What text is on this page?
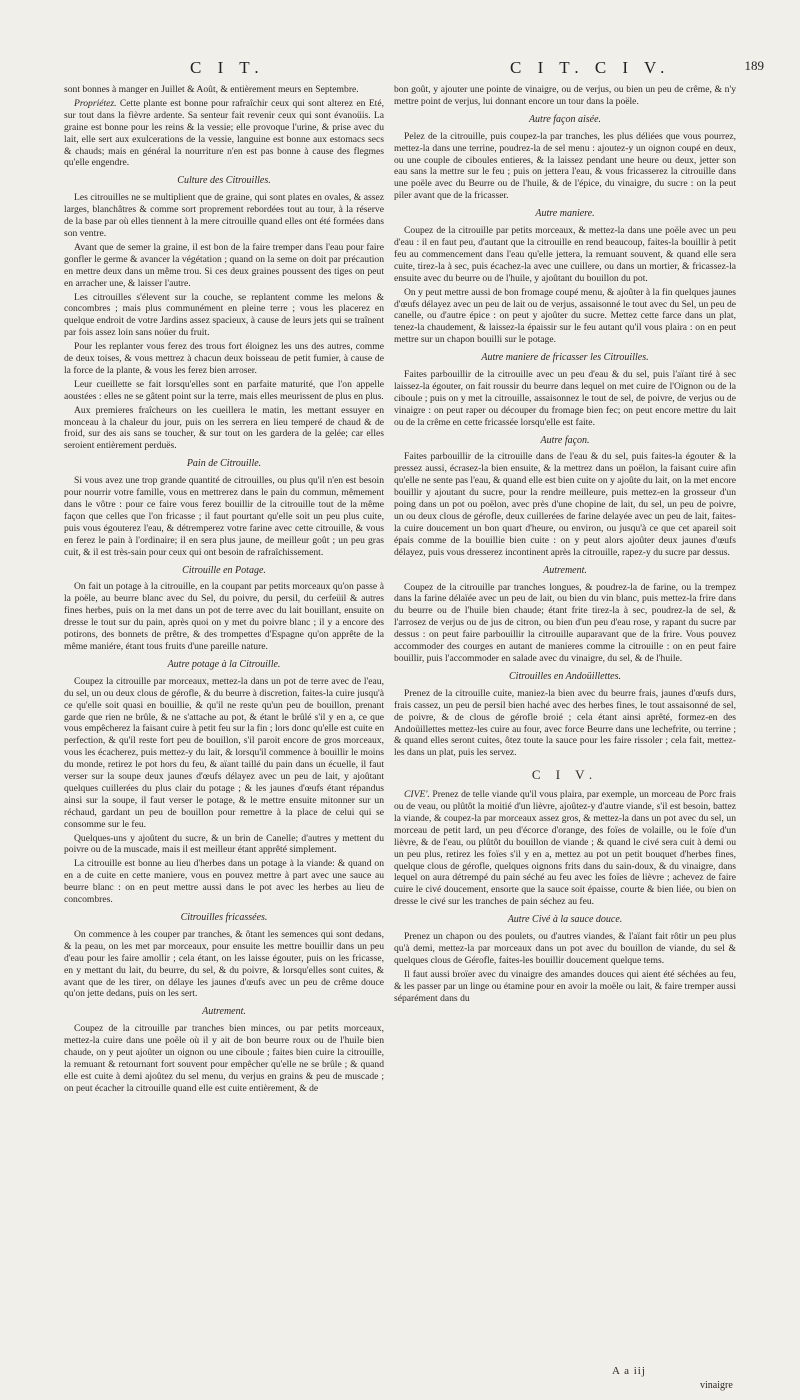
C I T.	C I T. C I V.	189

sont bonnes à manger en Juillet & Août, & entièrement meurs en Septembre.

Propriétez. Cette plante est bonne pour rafraîchir ceux qui sont alterez en Eté, sur tout dans la fièvre ardente. Sa senteur fait revenir ceux qui sont évanoüis. La graine est bonne pour les reins & la vessie; elle provoque l'urine, & prise avec du lait, elle sert aux exulcerations de la vessie, languine est bonne aux estomacs secs & chauds; mais en général la nourriture n'en est pas bonne à cause des flegmes qu'elle engendre.

Culture des Citrouilles.

Les citrouilles ne se multiplient que de graine, qui sont plates en ovales, & assez larges, blanchâtres & comme sort proprement rebordées tout au tour, à la réserve de la base par où elles tiennent à la mere citrouille quand elles ont été formées dans son ventre.

Avant que de semer la graine, il est bon de la faire tremper dans l'eau pour faire gonfler le germe & avancer la végétation ; quand on la seme on doit par précaution en mettre deux dans un même trou. Si ces deux graines poussent des tiges on peut en arracher une, & laisser l'autre.

Les citrouilles s'élevent sur la couche, se replantent comme les melons & concombres ; mais plus communément en pleine terre ; vous les placerez en quelque endroit de votre Jardins assez spacieux, à cause de leurs jets qui se traînent par fois assez loin sans noüer du fruit.

Pour les replanter vous ferez des trous fort éloignez les uns des autres, comme de deux toises, & vous mettrez à chacun deux boisseau de petit fumier, à cause de la force de la plante, & vous les ferez bien arroser.

Leur cueillette se fait lorsqu'elles sont en parfaite maturité, que l'on appelle aoustées : elles ne se gâtent point sur la terre, mais elles meurissent de plus en plus.

Aux premieres fraîcheurs on les cueillera le matin, les mettant essuyer en monceau à la chaleur du jour, puis on les serrera en lieu temperé de chaud & de froid, sur des ais sans se toucher, & sur tout on les gardera de la gelée; car elles seroient entièrement perduës.

Pain de Citrouille.

Si vous avez une trop grande quantité de citrouilles, ou plus qu'il n'en est besoin pour nourrir votre famille, vous en mettrerez dans le pain du commun, mêmement dans le vôtre : pour ce faire vous ferez bouillir de la citrouille tout de la même façon que celles que l'on fricasse ; il faut pourtant qu'elle soit un peu plus cuite, puis vous égouterez l'eau, & détremperez votre farine avec cette citrouille, & vous en ferez le pain à l'ordinaire; il en sera plus jaune, de meilleur goût ; un peu gras cuit, & il est très-sain pour ceux qui ont besoin de rafraîchissement.

Citrouille en Potage.

On fait un potage à la citrouille, en la coupant par petits morceaux qu'on passe à la poële, au beurre blanc avec du Sel, du poivre, du persil, du cerfeüil & autres fines herbes, puis on la met dans un pot de terre avec du lait bouillant, ensuite on dresse le tout sur du pain, après quoi on y met du poivre blanc ; il y a encore des potirons, des bonnets de prêtre, & des trompettes d'Espagne qu'on apprête de la même maniére, étant tous fruits d'une pareille nature.

Autre potage à la Citrouille.

Coupez la citrouille par morceaux, mettez-la dans un pot de terre avec de l'eau, du sel, un ou deux clous de gérofle, & du beurre à discretion, faites-la cuire jusqu'à ce qu'elle soit quasi en bouillie, & qu'il ne reste qu'un peu de bouillon, prenant garde que rien ne brûle, & ne s'attache au pot, & étant le brûlé s'il y en a, ce que vous empêcherez la faisant cuire à petit feu sur la fin ; lors donc qu'elle est cuite en perfection, & qu'il reste fort peu de bouillon, s'il paroit encore de gros morceaux, vous les écacherez, puis mettez-y du lait, & lorsqu'il commence à bouillir le moins du monde, retirez le pot hors du feu, & aïant taillé du pain dans un écuelle, il faut verser sur la soupe deux jaunes d'œufs délayez avec un peu de lait, y ajoûtant quelques cuillerées du plus clair du potage ; & les jaunes d'œufs étant répandus ainsi sur la soupe, il faut verser le potage, & le mettre ensuite mitonner sur un réchaud, gardant un peu de bouillon pour remettre à la place de celui qui se consomme sur le feu.

Quelques-uns y ajoûtent du sucre, & un brin de Canelle; d'autres y mettent du poivre ou de la muscade, mais il est meilleur étant apprêté simplement.

La citrouille est bonne au lieu d'herbes dans un potage à la viande: & quand on en a de cuite en cette maniere, vous en pouvez mettre à part avec une sauce au beurre blanc : on en peut mettre aussi dans le pot avec les herbes au lieu de concombres.

Citrouilles fricassées.

On commence à les couper par tranches, & ôtant les semences qui sont dedans, & la peau, on les met par morceaux, pour ensuite les mettre bouillir dans un peu d'eau pour les faire amollir ; cela étant, on les laisse égouter, puis on les fricasse, en y mettant du lait, du beurre, du sel, & du poivre, & lorsqu'elles sont cuites, & avant que de les tirer, on délaye les jaunes d'œufs avec un peu de crême douce qu'on jette dedans, puis on les sert.

Autrement.

Coupez de la citrouille par tranches bien minces, ou par petits morceaux, mettez-la cuire dans une poële où il y ait de bon beurre roux ou de l'huile bien chaude, on y peut ajoûter un oignon ou une ciboule ; faites bien cuire la citrouille, la remuant & retournant fort souvent pour empêcher qu'elle ne se brûle ; & quand elle est cuite à demi ajoûtez du sel menu, du verjus en grains & peu de muscade ; on peut écacher la citrouille quand elle est cuite entièrement, & de

bon goût, y ajouter une pointe de vinaigre, ou de verjus, ou bien un peu de crême, & n'y mettre point de verjus, lui donnant encore un tour dans la poële.

Autre façon aisée.

Pelez de la citrouille, puis coupez-la par tranches, les plus déliées que vous pourrez, mettez-la dans une terrine, poudrez-la de sel menu : ajoutez-y un oignon coupé en deux, ou une couple de ciboules entieres, & la laissez pendant une heure ou deux, jetter son eau sans la mettre sur le feu ; puis on jettera l'eau, & vous fricasserez la citrouille dans une poële avec du Beurre ou de l'huile, & de l'épice, du vinaigre, du sucre : on la peut piler avant que de la fricasser.

Autre maniere.

Coupez de la citrouille par petits morceaux, & mettez-la dans une poële avec un peu d'eau : il en faut peu, d'autant que la citrouille en rend beaucoup, faites-la bouillir à petit feu au commencement dans l'eau qu'elle jettera, la remuant souvent, & quand elle sera cuite, tirez-la à sec, puis écachez-la avec une cuillere, ou dans un mortier, & fricassez-la ensuite avec du beurre ou de l'huile, y ajoûtant du bouillon du pot.

On y peut mettre aussi de bon fromage coupé menu, & ajoûter à la fin quelques jaunes d'œufs délayez avec un peu de lait ou de verjus, assaisonné le tout avec du Sel, un peu de canelle, ou d'autre épice : on peut y ajoûter du sucre. Mettez cette farce dans un plat, tenez-la chaudement, & laissez-la épaissir sur le feu autant qu'il vous plaira : on en peut mettre sur un chapon bouilli sur le potage.

Autre maniere de fricasser les Citrouilles.

Faites parbouillir de la citrouille avec un peu d'eau & du sel, puis l'aïant tiré à sec laissez-la égouter, on fait roussir du beurre dans lequel on met cuire de l'Oignon ou de la ciboule ; puis on y met la citrouille, assaisonnez le tout de sel, de poivre, de verjus ou de vinaigre : on peut raper ou découper du fromage bien fec; on peut encore mettre du lait ou de la crême en cette fricassée lorsqu'elle est faite.

Autre façon.

Faites parbouillir de la citrouille dans de l'eau & du sel, puis faites-la égouter & la pressez aussi, écrasez-la bien ensuite, & la mettrez dans un poëlon, la faisant cuire afin qu'elle ne sente pas l'eau, & quand elle est bien cuite on y ajoûte du lait, on la met encore bouillir y ajoutant du sucre, pour la rendre meilleure, puis mettez-en la grosseur d'un poing dans un pot ou poëlon, avec près d'une chopine de lait, du sel, un peu de poivre, un ou deux clous de gérofle, deux cuillerées de farine delayée avec un peu de lait, faites-la cuire doucement un bon quart d'heure, ou environ, ou jusqu'à ce que cet apareil soit épais comme de la bouillie bien cuite : on y peut alors ajoûter deux jaunes d'œufs délayez, puis vous dresserez incontinent après la citrouille, rapez-y du sucre par dessus.

Autrement.

Coupez de la citrouille par tranches longues, & poudrez-la de farine, ou la trempez dans la farine délaïée avec un peu de lait, ou bien du vin blanc, puis mettez-la frire dans du beurre ou de l'huile bien chaude; étant frite tirez-la à sec, poudrez-la de sel, & l'arrosez de verjus ou de jus de citron, ou bien d'un peu d'eau rose, y rapant du sucre par dessus : on peut faire parbouillir la citrouille auparavant que de la frire. Vous pouvez accommoder des courges en autant de manieres comme la citrouille : on en peut faire bouillir, puis l'accommoder en salade avec du vinaigre, du sel, & de l'huile.

Citrouilles en Andoüillettes.

Prenez de la citrouille cuite, maniez-la bien avec du beurre frais, jaunes d'œufs durs, frais cassez, un peu de persil bien haché avec des herbes fines, le tout assaisonné de sel, de poivre, & de clous de gérofle broié ; cela étant ainsi aprêté, formez-en des Andoüillettes mettez-les cuire au four, avec force Beurre dans une lechefrite, ou terrine ; & quand elles seront cuites, ôtez toute la sauce pour les faire rissoler ; cela fait, mettez-les dans un plat, puis les servez.

C I V.

CIVE'. Prenez de telle viande qu'il vous plaira, par exemple, un morceau de Porc frais ou de veau, ou plûtôt la moitié d'un lièvre, ajoûtez-y d'autre viande, s'il est besoin, battez la viande, & coupez-la par morceaux assez gros, & mettez-la dans un pot avec du sel, un morceau de petit lard, un peu d'écorce d'orange, des foïes de volaille, ou le foïe d'un lièvre, & de l'eau, ou plûtôt du bouillon de viande ; & quand le civé sera cuit à demi ou un peu plus, retirez les foïes s'il y en a, mettez au pot un petit bouquet d'herbes fines, quelque clous de gérofle, quelques oignons frits dans du sain-doux, & du vinaigre, dans lequel on aura détrempé du pain séché au feu avec les foïes de lièvre ; achevez de faire cuire le civé doucement, ensorte que la sauce soit épaisse, courte & bien liée, ou bien on dresse le civé sur les tranches de pain séchez au feu.

Autre Civé à la sauce douce.

Prenez un chapon ou des poulets, ou d'autres viandes, & l'aïant fait rôtir un peu plus qu'à demi, mettez-la par morceaux dans un pot avec du bouillon de viande, du sel & quelques clous de Gérofle, faites-les bouillir doucement quelque tems.

Il faut aussi broïer avec du vinaigre des amandes douces qui aient été séchées au feu, & les passer par un linge ou étamine pour en avoir la moële ou lait, & faire tremper aussi séparément dans du

A a iij
vinaigre
